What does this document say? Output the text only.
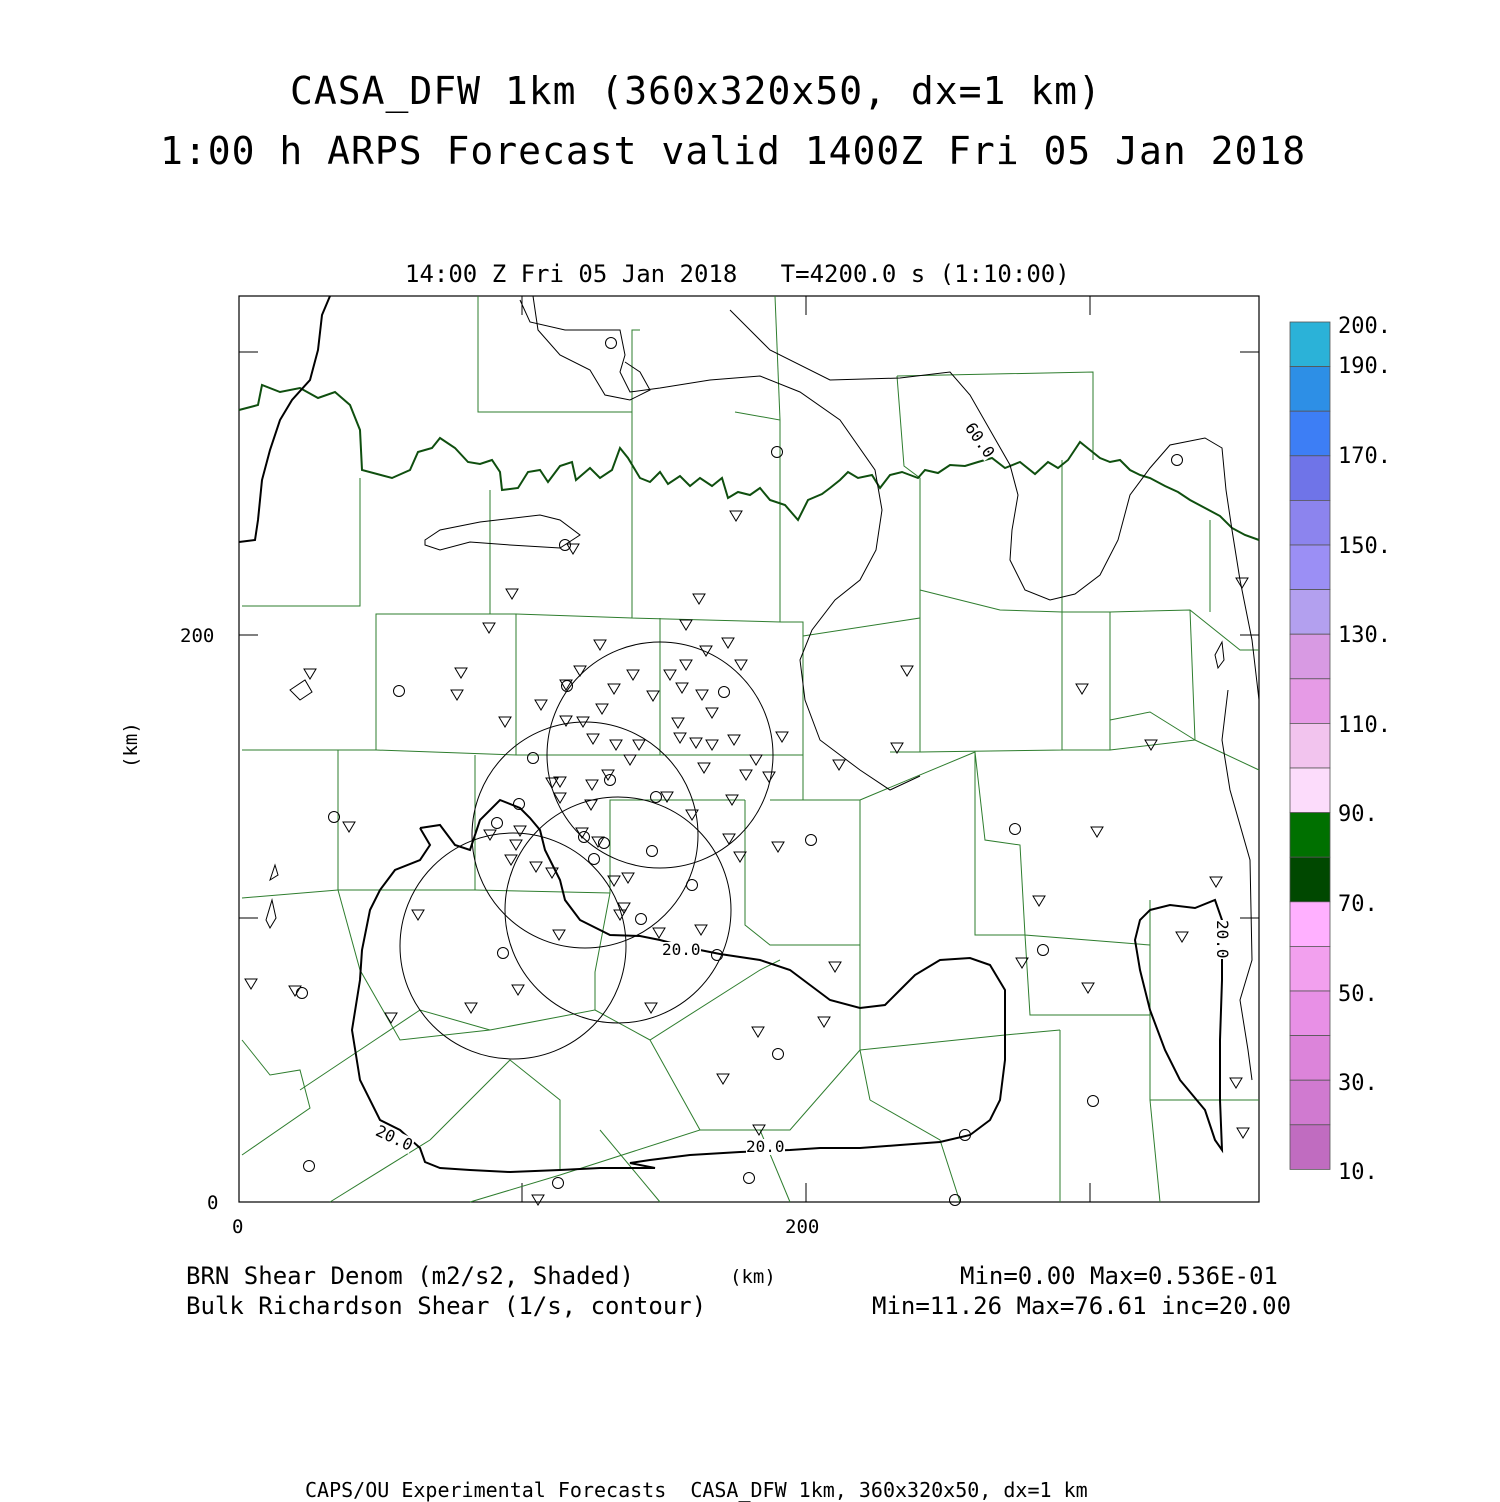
CASA_DFW 1km (360x320x50, dx=1 km)
1:00 h ARPS Forecast valid 1400Z Fri 05 Jan 2018
14:00 Z Fri 05 Jan 2018   T=4200.0 s (1:10:00)
60.0
20.0
20.0
20.0
20.0
0
200
0	200
(km)
200.
190.
170.
150.
130.
110.
90.
70.
50.
30.
10.
BRN Shear Denom (m2/s2, Shaded)
Bulk Richardson Shear (1/s, contour)
(km)	Min=0.00 Max=0.536E-01
Min=11.26 Max=76.61 inc=20.00
CAPS/OU Experimental Forecasts  CASA_DFW 1km, 360x320x50, dx=1 km
